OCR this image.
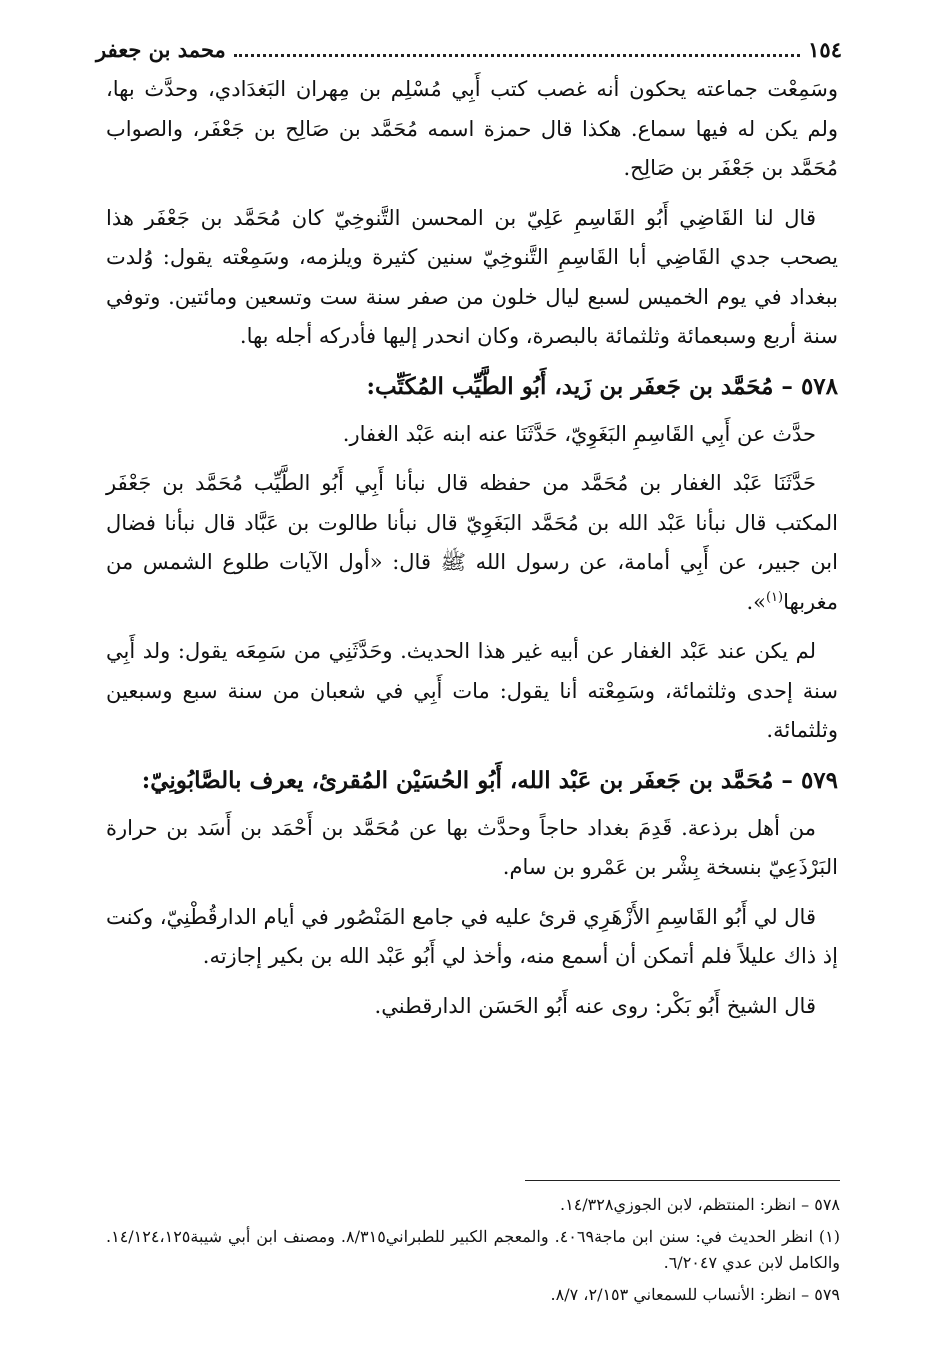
١٥٤
محمد بن جعفر

وسَمِعْت جماعته يحكون أنه غصب كتب أَبِي مُسْلِم بن مِهران البَغدَادي، وحدَّث بها، ولم يكن له فيها سماع. هكذا قال حمزة اسمه مُحَمَّد بن صَالِح بن جَعْفَر، والصواب مُحَمَّد بن جَعْفَر بن صَالِح.

قال لنا القَاضِي أَبُو القَاسِمِ عَلِيّ بن المحسن التَّنوخِيّ كان مُحَمَّد بن جَعْفَر هذا يصحب جدي القَاضِي أبا القَاسِمِ التَّنوخِيّ سنين كثيرة ويلزمه، وسَمِعْته يقول: وُلدت ببغداد في يوم الخميس لسبع ليال خلون من صفر سنة ست وتسعين ومائتين. وتوفي سنة أربع وسبعمائة وثلثمائة بالبصرة، وكان انحدر إليها فأدركه أجله بها.

٥٧٨ – مُحَمَّد بن جَعفَر بن زَيد، أَبُو الطَّيِّب المُكَتِّب:

حدَّث عن أَبِي القَاسِمِ البَغَوِيّ، حَدَّثَنَا عنه ابنه عَبْد الغفار.

حَدَّثَنَا عَبْد الغفار بن مُحَمَّد من حفظه قال نبأنا أَبِي أَبُو الطَّيِّب مُحَمَّد بن جَعْفَر المكتب قال نبأنا عَبْد الله بن مُحَمَّد البَغَوِيّ قال نبأنا طالوت بن عَبَّاد قال نبأنا فضال ابن جبير، عن أَبِي أمامة، عن رسول الله ﷺ قال: «أول الآيات طلوع الشمس من مغربها$^{(١)}$».

لم يكن عند عَبْد الغفار عن أبيه غير هذا الحديث. وحَدَّثَنِي من سَمِعَه يقول: ولد أَبِي سنة إحدى وثلثمائة، وسَمِعْته أنا يقول: مات أَبِي في شعبان من سنة سبع وسبعين وثلثمائة.

٥٧٩ – مُحَمَّد بن جَعفَر بن عَبْد الله، أَبُو الحُسَيْن المُقرئ، يعرف بالصَّابُونِيّ:

من أهل برذعة. قَدِمَ بغداد حاجاً وحدَّث بها عن مُحَمَّد بن أَحْمَد بن أَسَد بن حرارة البَرْذَعِيّ بنسخة بِشْر بن عَمْرو بن سام.

قال لي أَبُو القَاسِمِ الأَزْهَرِي قرئ عليه في جامع المَنْصُور في أيام الدارقُطْنِيّ، وكنت إذ ذاك عليلاً فلم أتمكن أن أسمع منه، وأخذ لي أَبُو عَبْد الله بن بكير إجازته.

قال الشيخ أَبُو بَكْر: روى عنه أَبُو الحَسَن الدارقطني.

٥٧٨ – انظر: المنتظم، لابن الجوزي١٤/٣٢٨.

(١) انظر الحديث في: سنن ابن ماجة٤٠٦٩. والمعجم الكبير للطبراني٨/٣١٥. ومصنف ابن أبي شيبة١٤/١٢٤،١٢٥. والكامل لابن عدي ٦/٢٠٤٧.

٥٧٩ – انظر: الأنساب للسمعاني ٢/١٥٣، ٨/٧.
